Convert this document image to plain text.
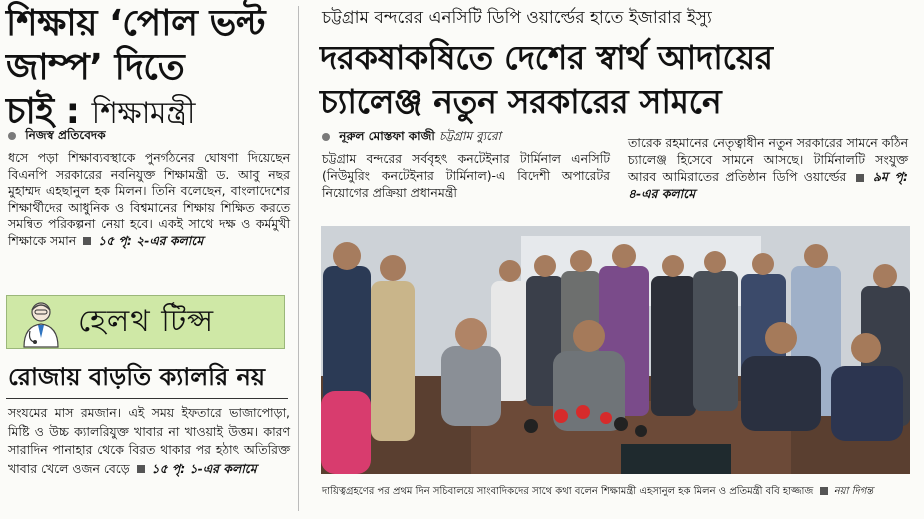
শিক্ষায় ‘পোল ভল্ট
জাম্প’ দিতে
চাই : শিক্ষামন্ত্রী
নিজস্ব প্রতিবেদক
ধসে পড়া শিক্ষাব্যবস্থাকে পুনর্গঠনের ঘোষণা দিয়েছেন বিএনপি সরকারের নবনিযুক্ত শিক্ষামন্ত্রী ড. আবু নছর মুহাম্মদ এহছানুল হক মিলন। তিনি বলেছেন, বাংলাদেশের শিক্ষার্থীদের আধুনিক ও বিশ্বমানের শিক্ষায় শিক্ষিত করতে সমন্বিত পরিকল্পনা নেয়া হবে। একই সাথে দক্ষ ও কর্মমুখী শিক্ষাকে সমান ১৫ পৃ: ২-এর কলামে
হেলথ টিপ্স
রোজায় বাড়তি ক্যালরি নয়
সংযমের মাস রমজান। এই সময় ইফতারে ভাজাপোড়া, মিষ্টি ও উচ্চ ক্যালরিযুক্ত খাবার না খাওয়াই উত্তম। কারণ সারাদিন পানাহার থেকে বিরত থাকার পর হঠাৎ অতিরিক্ত খাবার খেলে ওজন বেড়ে ১৫ পৃ: ১-এর কলামে
চট্টগ্রাম বন্দরের এনসিটি ডিপি ওয়ার্ল্ডের হাতে ইজারার ইস্যু
দরকষাকষিতে দেশের স্বার্থ আদায়ের
চ্যালেঞ্জ নতুন সরকারের সামনে
নূরুল মোস্তফা কাজী চট্টগ্রাম ব্যুরো
চট্টগ্রাম বন্দরের সর্ববৃহৎ কনটেইনার টার্মিনাল এনসিটি (নিউমুরিং কনটেইনার টার্মিনাল)-এ বিদেশী অপারেটর নিয়োগের প্রক্রিয়া প্রধানমন্ত্রী
তারেক রহমানের নেতৃত্বাধীন নতুন সরকারের সামনে কঠিন চ্যালেঞ্জ হিসেবে সামনে আসছে। টার্মিনালটি সংযুক্ত আরব আমিরাতের প্রতিষ্ঠান ডিপি ওয়ার্ল্ডের ৯ম পৃ: ৪-এর কলামে
দায়িত্বগ্রহণের পর প্রথম দিন সচিবালয়ে সাংবাদিকদের সাথে কথা বলেন শিক্ষামন্ত্রী এহসানুল হক মিলন ও প্রতিমন্ত্রী ববি হাজ্জাজ নয়া দিগন্ত
